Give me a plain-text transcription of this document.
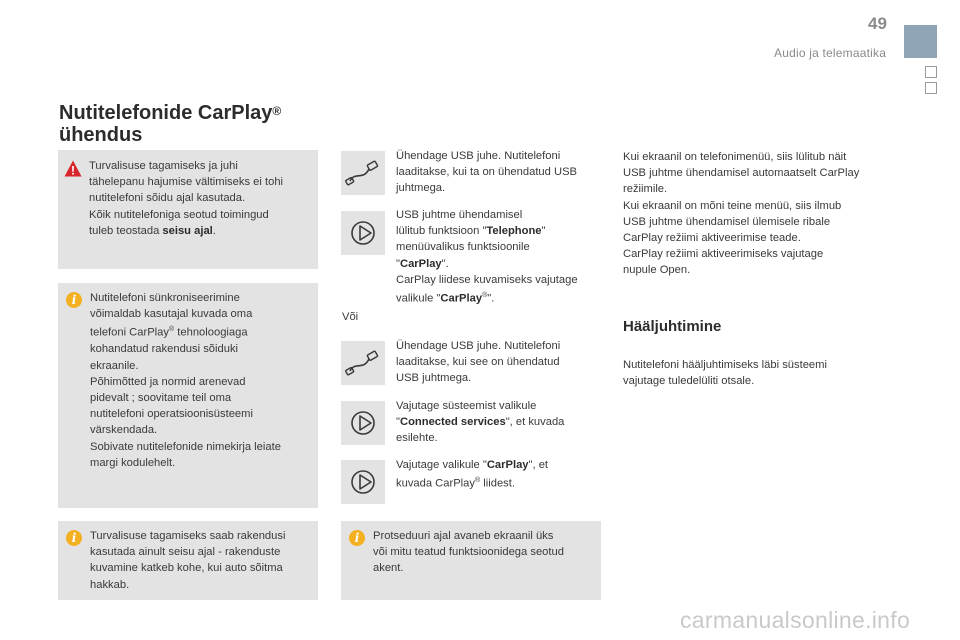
49
Audio ja telemaatika
Nutitelefonide CarPlay®
ühendus
! Turvalisuse tagamiseks ja juhi
tähelepanu hajumise vältimiseks ei tohi
nutitelefoni sõidu ajal kasutada.
Kõik nutitelefoniga seotud toimingud
tuleb teostada seisu ajal.
i	Nutitelefoni sünkroniseerimine
võimaldab kasutajal kuvada oma
telefoni CarPlay® tehnoloogiaga
kohandatud rakendusi sõiduki
ekraanile.
Põhimõtted ja normid arenevad
pidevalt ; soovitame teil oma
nutitelefoni operatsioonisüsteemi
värskendada.
Sobivate nutitelefonide nimekirja leiate
margi kodulehelt.
i	Turvalisuse tagamiseks saab rakendusi
kasutada ainult seisu ajal - rakenduste
kuvamine katkeb kohe, kui auto sõitma
hakkab.
Ühendage USB juhe. Nutitelefoni
laaditakse, kui ta on ühendatud USB
juhtmega.
USB juhtme ühendamisel
lülitub funktsioon "Telephone"
menüüvalikus funktsioonile
"CarPlay".
CarPlay liidese kuvamiseks vajutage
valikule "CarPlay®".
Või
Ühendage USB juhe. Nutitelefoni
laaditakse, kui see on ühendatud
USB juhtmega.
Vajutage süsteemist valikule
"Connected services", et kuvada
esilehte.
Vajutage valikule "CarPlay", et
kuvada CarPlay® liidest.
i	Protseduuri ajal avaneb ekraanil üks
või mitu teatud funktsioonidega seotud
akent.
Kui ekraanil on telefonimenüü, siis lülitub näit
USB juhtme ühendamisel automaatselt CarPlay
režiimile.
Kui ekraanil on mõni teine menüü, siis ilmub
USB juhtme ühendamisel ülemisele ribale
CarPlay režiimi aktiveerimise teade.
CarPlay režiimi aktiveerimiseks vajutage
nupule Open.
Hääljuhtimine
Nutitelefoni hääljuhtimiseks läbi süsteemi
vajutage tuledelüliti otsale.
carmanualsonline.info
